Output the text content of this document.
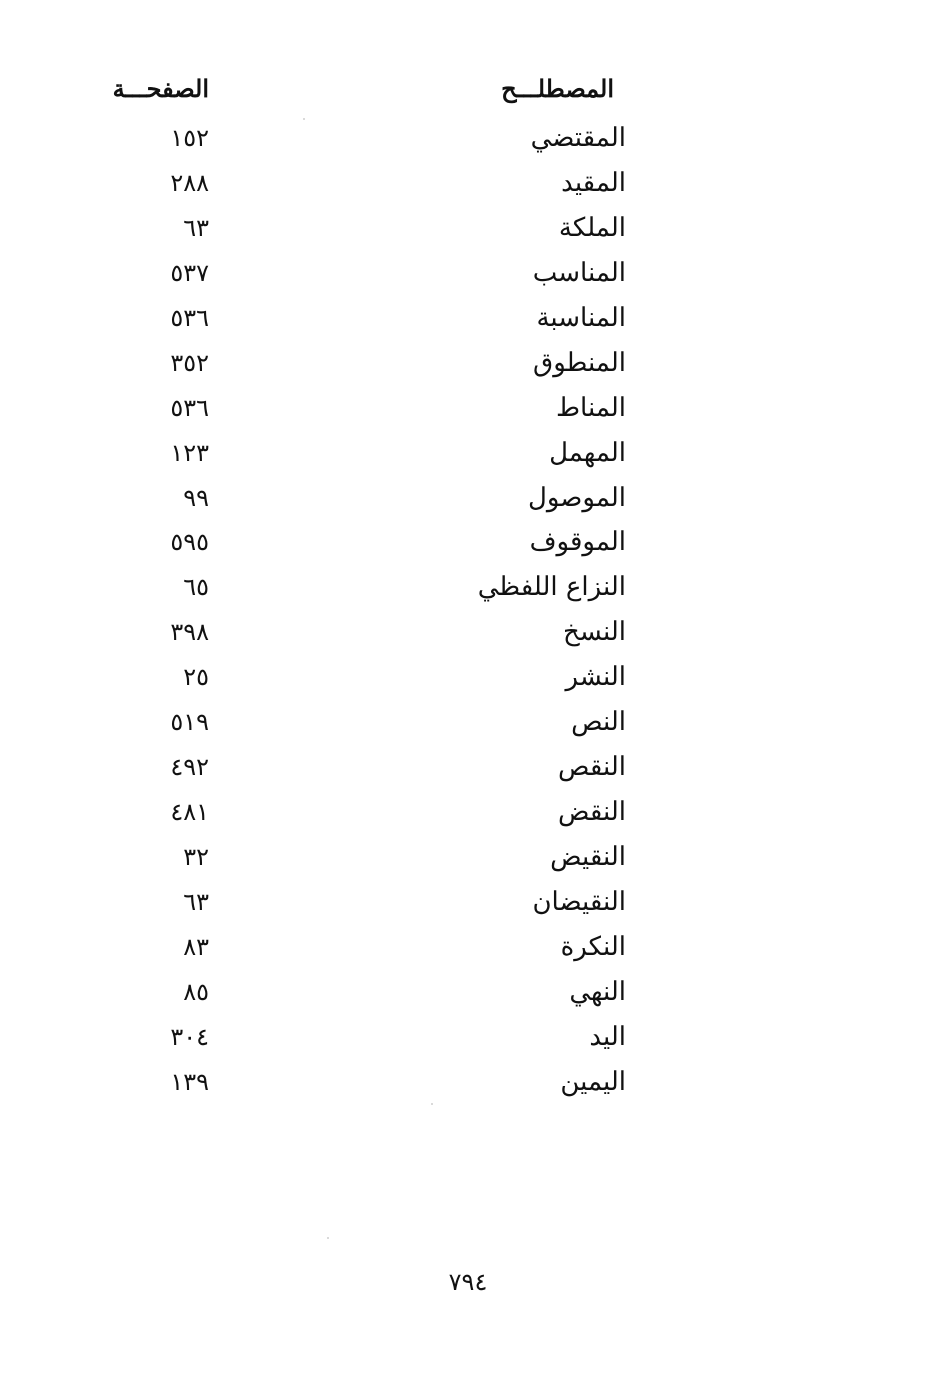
المصطلـــح
الصفحـــة
المقتضي
١٥٢
المقيد
٢٨٨
الملكة
٦٣
المناسب
٥٣٧
المناسبة
٥٣٦
المنطوق
٣٥٢
المناط
٥٣٦
المهمل
١٢٣
الموصول
٩٩
الموقوف
٥٩٥
النزاع اللفظي
٦٥
النسخ
٣٩٨
النشر
٢٥
النص
٥١٩
النقص
٤٩٢
النقض
٤٨١
النقيض
٣٢
النقيضان
٦٣
النكرة
٨٣
النهي
٨٥
اليد
٣٠٤
اليمين
١٣٩
٧٩٤
